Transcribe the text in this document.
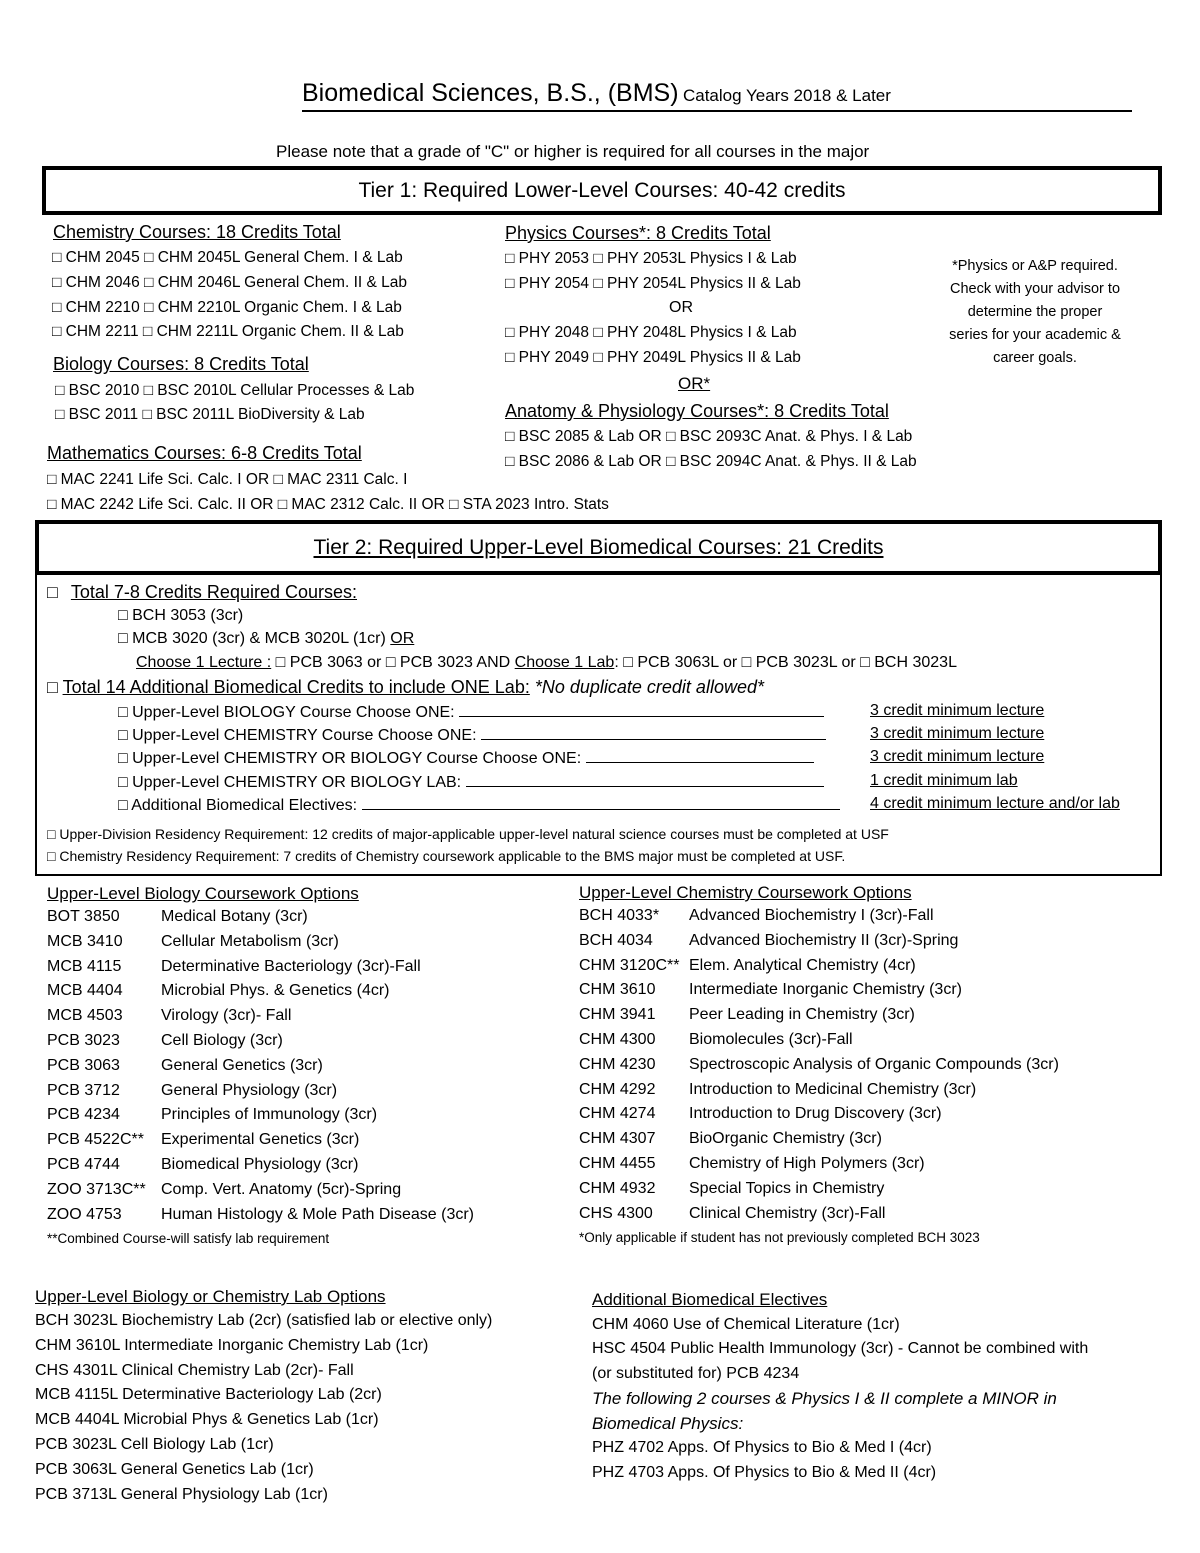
Biomedical Sciences, B.S., (BMS) Catalog Years 2018 & Later
Please note that a grade of "C" or higher is required for all courses in the major
Tier 1: Required Lower-Level Courses: 40-42 credits
Chemistry Courses: 18 Credits Total
□ CHM 2045 □ CHM 2045L General Chem. I & Lab
□ CHM 2046 □ CHM 2046L General Chem. II & Lab
□ CHM 2210 □ CHM 2210L Organic Chem. I & Lab
□ CHM 2211 □ CHM 2211L Organic Chem. II & Lab
Biology Courses: 8 Credits Total
□ BSC 2010 □ BSC 2010L Cellular Processes & Lab
□ BSC 2011 □ BSC 2011L BioDiversity & Lab
Mathematics Courses: 6-8 Credits Total
□ MAC 2241 Life Sci. Calc. I OR □ MAC 2311 Calc. I
□ MAC 2242 Life Sci. Calc. II OR □ MAC 2312 Calc. II OR □ STA 2023 Intro. Stats
Physics Courses*: 8 Credits Total
□ PHY 2053 □ PHY 2053L Physics I & Lab
□ PHY 2054 □ PHY 2054L Physics II & Lab
OR
□ PHY 2048 □ PHY 2048L Physics I & Lab
□ PHY 2049 □ PHY 2049L Physics II & Lab
OR*
Anatomy & Physiology Courses*: 8 Credits Total
□ BSC 2085 & Lab OR □ BSC 2093C Anat. & Phys. I & Lab
□ BSC 2086 & Lab OR □ BSC 2094C Anat. & Phys. II & Lab
*Physics or A&P required.
Check with your advisor to
determine the proper
series for your academic &
career goals.
Tier 2: Required Upper-Level Biomedical Courses: 21 Credits
□ Total 7-8 Credits Required Courses:
□ BCH 3053 (3cr)
□ MCB 3020 (3cr) & MCB 3020L (1cr) OR
Choose 1 Lecture : □ PCB 3063 or □ PCB 3023 AND Choose 1 Lab: □ PCB 3063L or □ PCB 3023L or □ BCH 3023L
□ Total 14 Additional Biomedical Credits to include ONE Lab: *No duplicate credit allowed*
□ Upper-Level BIOLOGY Course Choose ONE:	3 credit minimum lecture
□ Upper-Level CHEMISTRY Course Choose ONE:	3 credit minimum lecture
□ Upper-Level CHEMISTRY OR BIOLOGY Course Choose ONE:	3 credit minimum lecture
□ Upper-Level CHEMISTRY OR BIOLOGY LAB:	1 credit minimum lab
□ Additional Biomedical Electives:	4 credit minimum lecture and/or lab
□ Upper-Division Residency Requirement: 12 credits of major-applicable upper-level natural science courses must be completed at USF
□ Chemistry Residency Requirement: 7 credits of Chemistry coursework applicable to the BMS major must be completed at USF.
Upper-Level Biology Coursework Options
BOT 3850	Medical Botany (3cr)
MCB 3410 Cellular Metabolism (3cr)
MCB 4115 Determinative Bacteriology (3cr)-Fall
MCB 4404 Microbial Phys. & Genetics (4cr)
MCB 4503 Virology (3cr)- Fall
PCB 3023	Cell Biology (3cr)
PCB 3063	General Genetics (3cr)
PCB 3712	General Physiology (3cr)
PCB 4234	Principles of Immunology (3cr)
PCB 4522C** Experimental Genetics (3cr)
PCB 4744	Biomedical Physiology (3cr)
ZOO 3713C** Comp. Vert. Anatomy (5cr)-Spring
ZOO 4753 Human Histology & Mole Path Disease (3cr)
**Combined Course-will satisfy lab requirement
Upper-Level Chemistry Coursework Options
BCH 4033* Advanced Biochemistry I (3cr)-Fall
BCH 4034 Advanced Biochemistry II (3cr)-Spring
CHM 3120C** Elem. Analytical Chemistry (4cr)
CHM 3610 Intermediate Inorganic Chemistry (3cr)
CHM 3941 Peer Leading in Chemistry (3cr)
CHM 4300 Biomolecules (3cr)-Fall
CHM 4230 Spectroscopic Analysis of Organic Compounds (3cr)
CHM 4292 Introduction to Medicinal Chemistry (3cr)
CHM 4274 Introduction to Drug Discovery (3cr)
CHM 4307 BioOrganic Chemistry (3cr)
CHM 4455 Chemistry of High Polymers (3cr)
CHM 4932 Special Topics in Chemistry
CHS 4300 Clinical Chemistry (3cr)-Fall
*Only applicable if student has not previously completed BCH 3023
Upper-Level Biology or Chemistry Lab Options
BCH 3023L Biochemistry Lab (2cr) (satisfied lab or elective only)
CHM 3610L Intermediate Inorganic Chemistry Lab (1cr)
CHS 4301L Clinical Chemistry Lab (2cr)- Fall
MCB 4115L Determinative Bacteriology Lab (2cr)
MCB 4404L Microbial Phys & Genetics Lab (1cr)
PCB 3023L Cell Biology Lab (1cr)
PCB 3063L General Genetics Lab (1cr)
PCB 3713L General Physiology Lab (1cr)
Additional Biomedical Electives
CHM 4060 Use of Chemical Literature (1cr)
HSC 4504 Public Health Immunology (3cr) - Cannot be combined with
(or substituted for) PCB 4234
The following 2 courses & Physics I & II complete a MINOR in
Biomedical Physics:
PHZ 4702 Apps. Of Physics to Bio & Med I (4cr)
PHZ 4703 Apps. Of Physics to Bio & Med II (4cr)
